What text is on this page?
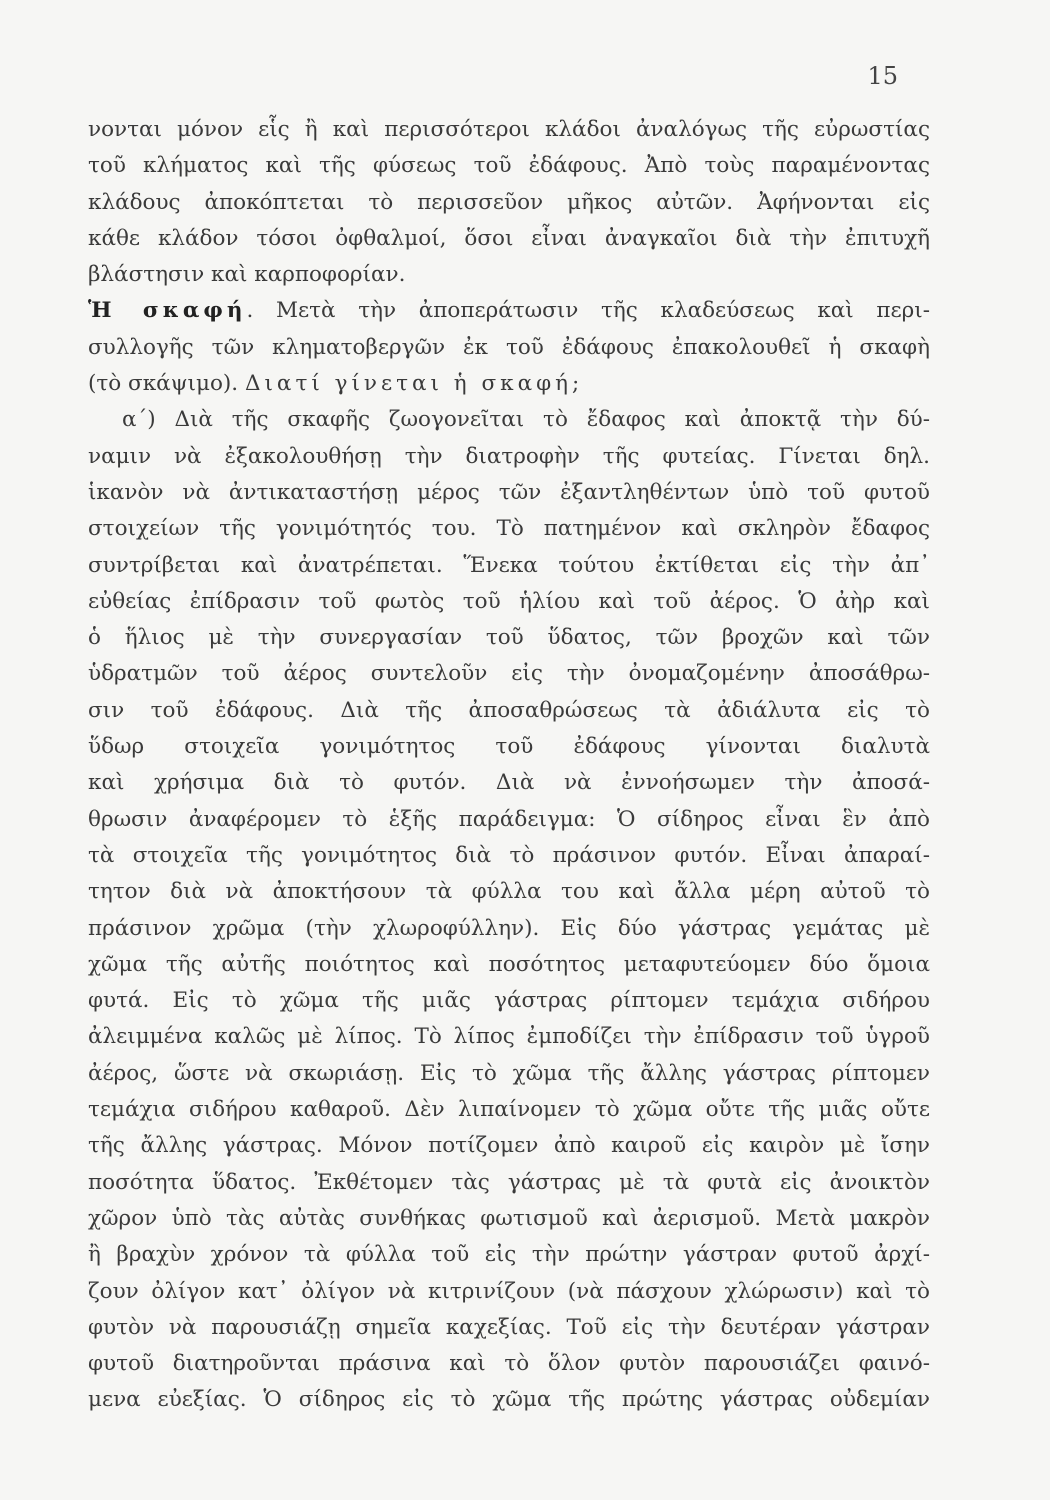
15
νονται μόνον εἷς ἢ καὶ περισσότεροι κλάδοι ἀναλόγως τῆς εὐρωστίας
τοῦ κλήματος καὶ τῆς φύσεως τοῦ ἐδάφους. Ἀπὸ τοὺς παραμένοντας
κλάδους ἀποκόπτεται τὸ περισσεῦον μῆκος αὐτῶν. Ἀφήνονται εἰς
κάθε κλάδον τόσοι ὀφθαλμοί, ὅσοι εἶναι ἀναγκαῖοι διὰ τὴν ἐπιτυχῆ
βλάστησιν καὶ καρποφορίαν.
Ἡ σκαφή. Μετὰ τὴν ἀποπεράτωσιν τῆς κλαδεύσεως καὶ περι-
συλλογῆς τῶν κληματοβεργῶν ἐκ τοῦ ἐδάφους ἐπακολουθεῖ ἡ σκαφὴ
(τὸ σκάψιμο). Διατί γίνεται ἡ σκαφή;
α΄) Διὰ τῆς σκαφῆς ζωογονεῖται τὸ ἔδαφος καὶ ἀποκτᾷ τὴν δύ-
ναμιν νὰ ἐξακολουθήσῃ τὴν διατροφὴν τῆς φυτείας. Γίνεται δηλ.
ἱκανὸν νὰ ἀντικαταστήσῃ μέρος τῶν ἐξαντληθέντων ὑπὸ τοῦ φυτοῦ
στοιχείων τῆς γονιμότητός του. Τὸ πατημένον καὶ σκληρὸν ἔδαφος
συντρίβεται καὶ ἀνατρέπεται. Ἕνεκα τούτου ἐκτίθεται εἰς τὴν ἀπ᾿
εὐθείας ἐπίδρασιν τοῦ φωτὸς τοῦ ἡλίου καὶ τοῦ ἀέρος. Ὁ ἀὴρ καὶ
ὁ ἥλιος μὲ τὴν συνεργασίαν τοῦ ὕδατος, τῶν βροχῶν καὶ τῶν
ὑδρατμῶν τοῦ ἀέρος συντελοῦν εἰς τὴν ὀνομαζομένην ἀποσάθρω-
σιν τοῦ ἐδάφους. Διὰ τῆς ἀποσαθρώσεως τὰ ἀδιάλυτα εἰς τὸ
ὕδωρ στοιχεῖα γονιμότητος τοῦ ἐδάφους γίνονται διαλυτὰ
καὶ χρήσιμα διὰ τὸ φυτόν. Διὰ νὰ ἐννοήσωμεν τὴν ἀποσά-
θρωσιν ἀναφέρομεν τὸ ἑξῆς παράδειγμα: Ὁ σίδηρος εἶναι ἓν ἀπὸ
τὰ στοιχεῖα τῆς γονιμότητος διὰ τὸ πράσινον φυτόν. Εἶναι ἀπαραί-
τητον διὰ νὰ ἀποκτήσουν τὰ φύλλα του καὶ ἄλλα μέρη αὐτοῦ τὸ
πράσινον χρῶμα (τὴν χλωροφύλλην). Εἰς δύο γάστρας γεμάτας μὲ
χῶμα τῆς αὐτῆς ποιότητος καὶ ποσότητος μεταφυτεύομεν δύο ὅμοια
φυτά. Εἰς τὸ χῶμα τῆς μιᾶς γάστρας ρίπτομεν τεμάχια σιδήρου
ἀλειμμένα καλῶς μὲ λίπος. Τὸ λίπος ἐμποδίζει τὴν ἐπίδρασιν τοῦ ὑγροῦ
ἀέρος, ὥστε νὰ σκωριάσῃ. Εἰς τὸ χῶμα τῆς ἄλλης γάστρας ρίπτομεν
τεμάχια σιδήρου καθαροῦ. Δὲν λιπαίνομεν τὸ χῶμα οὔτε τῆς μιᾶς οὔτε
τῆς ἄλλης γάστρας. Μόνον ποτίζομεν ἀπὸ καιροῦ εἰς καιρὸν μὲ ἴσην
ποσότητα ὕδατος. Ἐκθέτομεν τὰς γάστρας μὲ τὰ φυτὰ εἰς ἀνοικτὸν
χῶρον ὑπὸ τὰς αὐτὰς συνθήκας φωτισμοῦ καὶ ἀερισμοῦ. Μετὰ μακρὸν
ἢ βραχὺν χρόνον τὰ φύλλα τοῦ εἰς τὴν πρώτην γάστραν φυτοῦ ἀρχί-
ζουν ὀλίγον κατ᾿ ὀλίγον νὰ κιτρινίζουν (νὰ πάσχουν χλώρωσιν) καὶ τὸ
φυτὸν νὰ παρουσιάζῃ σημεῖα καχεξίας. Τοῦ εἰς τὴν δευτέραν γάστραν
φυτοῦ διατηροῦνται πράσινα καὶ τὸ ὅλον φυτὸν παρουσιάζει φαινό-
μενα εὐεξίας. Ὁ σίδηρος εἰς τὸ χῶμα τῆς πρώτης γάστρας οὐδεμίαν
